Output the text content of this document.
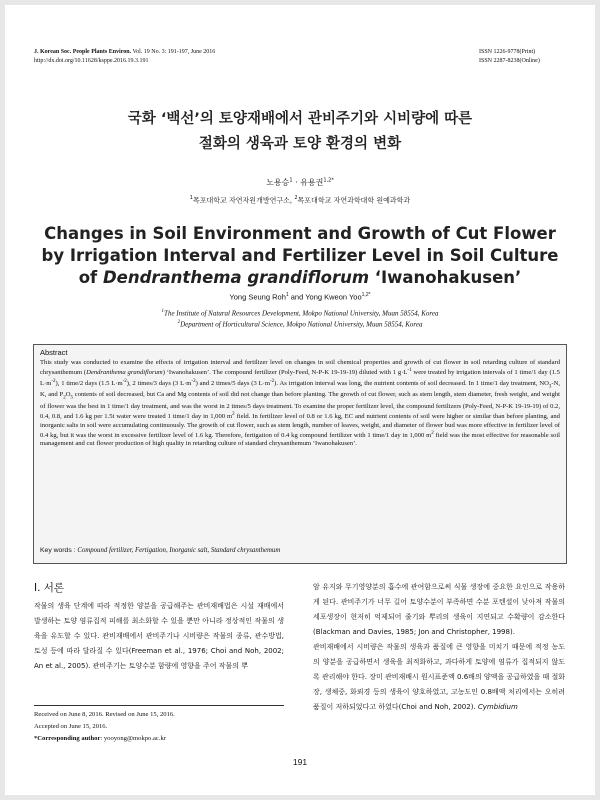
J. Korean Soc. People Plants Environ. Vol. 19 No. 3: 191-197, June 2016
http://dx.doi.org/10.11628/ksppe.2016.19.3.191
ISSN 1226-9778(Print)
ISSN 2287-8238(Online)
국화 ‘백선’의 토양재배에서 관비주기와 시비량에 따른
절화의 생육과 토양 환경의 변화
노용승$^1$ · 유용권$^{1,2*}$
$^1$목포대학교 자연자원개발연구소, $^2$목포대학교 자연과학대학 원예과학과
Changes in Soil Environment and Growth of Cut Flower
by Irrigation Interval and Fertilizer Level in Soil Culture
of Dendranthema grandiflorum ‘Iwanohakusen’
Yong Seung Roh$^1$ and Yong Kweon Yoo$^{1,2*}$
$^1$The Institute of Natural Resources Development, Mokpo National University, Muan 58554, Korea
$^2$Department of Horticultural Science, Mokpo National University, Muan 58554, Korea
Abstract
This study was conducted to examine the effects of irrigation interval and fertilizer level on changes in soil chemical properties and growth of cut flower in soil retarding culture of standard chrysanthemum (Dendranthema grandiflorum) ‘Iwanohakusen’. The compound fertilizer (Poly-Feed, N-P-K 19-19-19) diluted with 1 $g\cdot L^{-1}$ were treated by irrigation intervals of 1 time/1 day (1.5 $L\cdot m^{-2}$), 1 time/2 days (1.5 $L\cdot m^{-2}$), 2 times/3 days (3 $L\cdot m^{-2}$) and 2 times/5 days (3 $L\cdot m^{-2}$). As irrigation interval was long, the nutrient contents of soil decreased. In 1 time/1 day treatment, $NO_3-N$, K, and $P_2O_5$ contents of soil decreased, but Ca and Mg contents of soil did not change than before planting. The growth of cut flower, such as stem length, stem diameter, fresh weight, and weight of flower was the best in 1 time/1 day treatment, and was the worst in 2 times/5 days treatment. To examine the proper fertilizer level, the compound fertilizers (Poly-Feed, N-P-K 19-19-19) of 0.2, 0.4, 0.8, and 1.6 kg per 1.5t water were treated 1 time/1 day in 1,000 $m^2$ field. In fertilizer level of 0.8 or 1.6 kg, EC and nutrient contents of soil were higher or similar than before planting, and inorganic salts in soil were accumulating continuously. The growth of cut flower, such as stem length, number of leaves, weight, and diameter of flower bud was more effective in fertilizer level of 0.4 kg, but it was the worst in excessive fertilizer level of 1.6 kg. Therefore, fertigation of 0.4 kg compound fertilizer with 1 time/1 day in 1,000 $m^2$ field was the most effective for reasonable soil management and cut flower production of high quality in retarding culture of standard chrysanthemum ‘Iwanohakusen’.
Key words : Compound fertilizer, Fertigation, Inorganic salt, Standard chrysanthemum
Ⅰ. 서론
작물의 생육 단계에 따라 적정한 양분을 공급해주는 관비재배법은 시설 재배에서 발생하는 토양 염류집적 피해를 최소화할 수 있을 뿐만 아니라 정상적인 작물의 생육을 유도할 수 있다. 관비재배에서 관비주기나 시비량은 작물의 종류, 관수방법, 토성 등에 따라 달라질 수 있다(Freeman et al., 1976; Choi and Noh, 2002; An et al., 2005). 관비주기는 토양수분 함량에 영향을 주어 작물의 뿌
암 유지와 무기영양분의 흡수에 관여함으로써 식물 생장에 중요한 요인으로 작용하게 된다. 관비주기가 너무 길어 토양수분이 부족하면 수분 포텐셜이 낮아져 작물의 세포생장이 현저히 억제되어 줄기와 뿌리의 생육이 지연되고 수확량이 감소한다(Blackman and Davies, 1985; Jon and Christopher, 1998).
관비재배에서 시비량은 작물의 생육과 품질에 큰 영향을 미치기 때문에 적정 농도의 양분을 공급하면서 생육을 최적화하고, 과다하게 토양에 염류가 집적되지 않도록 관리해야 한다. 장미 관비재배시 원시표준액 0.6배의 양액을 공급하였을 때 절화장, 생체중, 화뢰경 등의 생육이 양호하였고, 고농도인 0.8배액 처리에서는 오히려 품질이 저하되었다고 하였다(Choi and Noh, 2002). Cymbidium
Received on June 8, 2016. Revised on June 15, 2016.
Accepted on June 15, 2016.
*Corresponding author: yooyong@mokpo.ac.kr
191
